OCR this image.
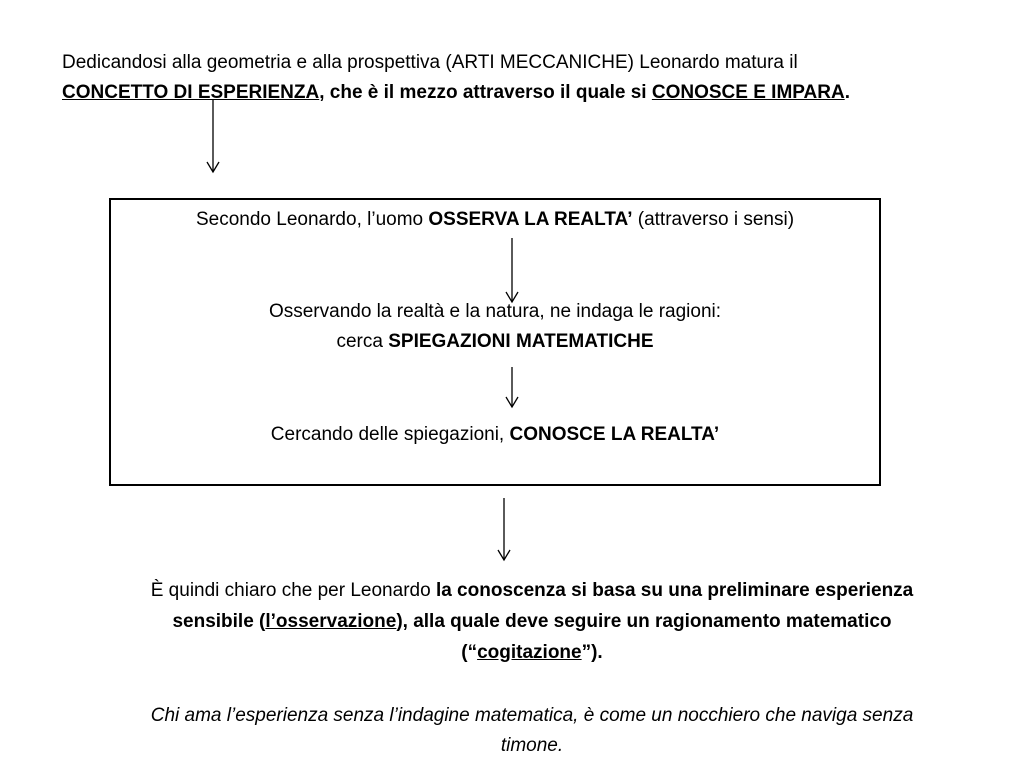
Dedicandosi alla geometria e alla prospettiva (ARTI MECCANICHE) Leonardo matura il
CONCETTO DI ESPERIENZA, che è il mezzo attraverso il quale si CONOSCE E IMPARA.
Secondo Leonardo, l’uomo OSSERVA LA REALTA’ (attraverso i sensi)
Osservando la realtà e la natura, ne indaga le ragioni:
cerca SPIEGAZIONI MATEMATICHE
Cercando delle spiegazioni, CONOSCE LA REALTA’
È quindi chiaro che per Leonardo la conoscenza si basa su una preliminare esperienza
sensibile (l’osservazione), alla quale deve seguire un ragionamento matematico
(“cogitazione”).
Chi ama l’esperienza senza l’indagine matematica, è come un nocchiero che naviga senza
timone.
